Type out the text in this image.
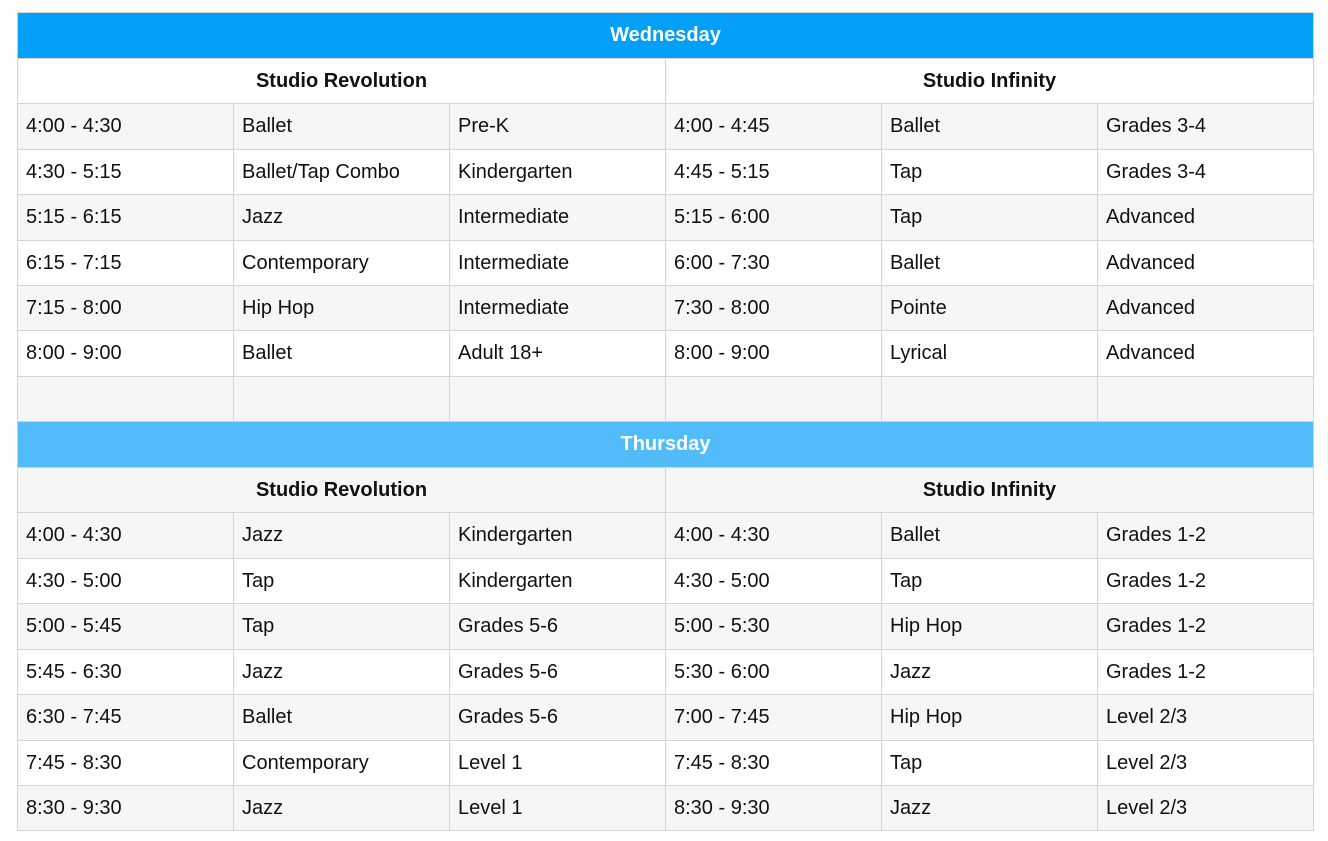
Wednesday					
Studio Revolution			Studio Infinity		
4:00 - 4:30	Ballet	Pre-K	4:00 - 4:45	Ballet	Grades 3-4
4:30 - 5:15	Ballet/Tap Combo	Kindergarten	4:45 - 5:15	Tap	Grades 3-4
5:15 - 6:15	Jazz	Intermediate	5:15 - 6:00	Tap	Advanced
6:15 - 7:15	Contemporary	Intermediate	6:00 - 7:30	Ballet	Advanced
7:15 - 8:00	Hip Hop	Intermediate	7:30 - 8:00	Pointe	Advanced
8:00 - 9:00	Ballet	Adult 18+	8:00 - 9:00	Lyrical	Advanced

Thursday					
Studio Revolution			Studio Infinity		
4:00 - 4:30	Jazz	Kindergarten	4:00 - 4:30	Ballet	Grades 1-2
4:30 - 5:00	Tap	Kindergarten	4:30 - 5:00	Tap	Grades 1-2
5:00 - 5:45	Tap	Grades 5-6	5:00 - 5:30	Hip Hop	Grades 1-2
5:45 - 6:30	Jazz	Grades 5-6	5:30 - 6:00	Jazz	Grades 1-2
6:30 - 7:45	Ballet	Grades 5-6	7:00 - 7:45	Hip Hop	Level 2/3
7:45 - 8:30	Contemporary	Level 1	7:45 - 8:30	Tap	Level 2/3
8:30 - 9:30	Jazz	Level 1	8:30 - 9:30	Jazz	Level 2/3
